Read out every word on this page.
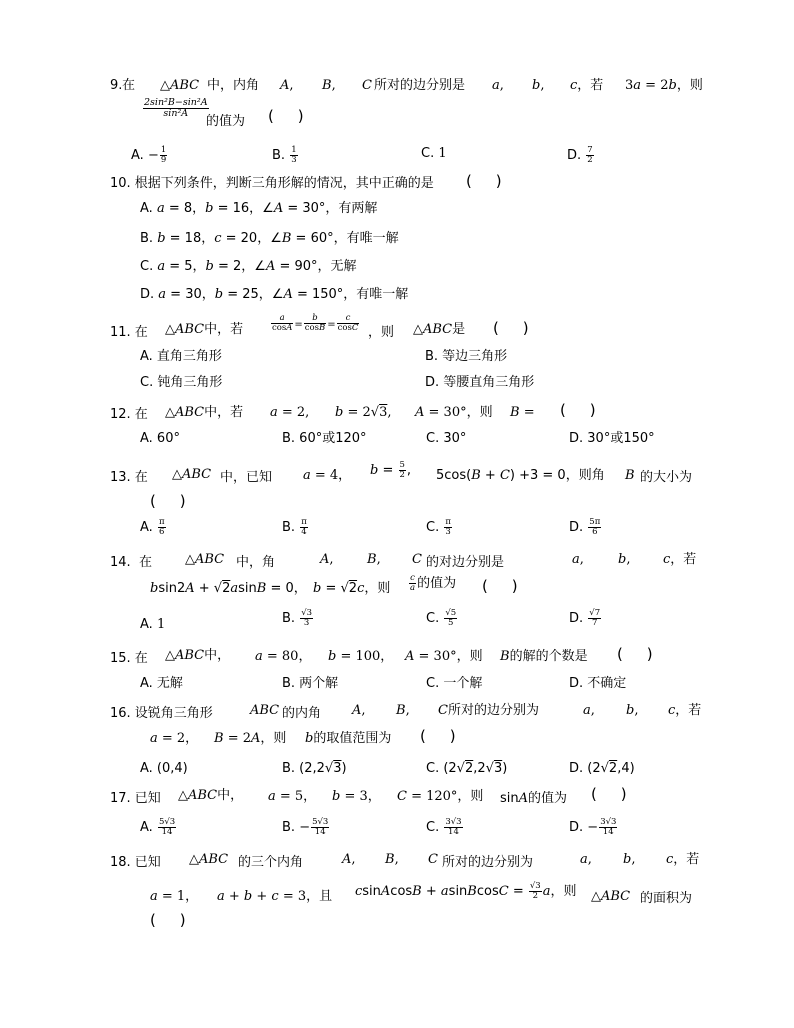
9. 在 △ABC 中，内角 A, B, C 所对的边分别是 a, b, c，若 3a = 2b，则
$\frac{\text{2sin²B−sin²A}}{\text{sin²A}}$
的值为 (     )
A. − $\frac{1}{9}$	B. $\frac{1}{3}$	C. 1	D. $\frac{7}{2}$
10. 根据下列条件，判断三角形解的情况，其中正确的是 (     )
A. a = 8，b = 16，∠A = 30°，有两解
B. b = 18，c = 20，∠B = 60°，有唯一解
C. a = 5，b = 2，∠A = 90°，无解
D. a = 30，b = 25，∠A = 150°，有唯一解
11. 在 △ABC中，若	$\frac{a}{\cos A} = \frac{b}{\cos B} = \frac{c}{\cos C}$ ，则 △ABC是 (     )
A. 直角三角形	B. 等边三角形
C. 钝角三角形	D. 等腰直角三角形
12. 在 △ABC中，若 a = 2, b = 2√3, A = 30°，则 B = (     )
A. 60°	B. 60°或120°	C. 30°	D. 30°或150°
13. 在 △ABC 中，已知 a = 4， $b = \frac{5}{2}$ , 5cos(B + C) +3 = 0，则角 B 的大小为
(     )
A. $\frac{\pi}{6}$	B. $\frac{\pi}{4}$	C. $\frac{\pi}{3}$	D. $\frac{5\pi}{6}$
14.  在	△ABC 中，角	A,	B, C 的对边分别是	a,	b,	c，若
bsin2A + √2asinB = 0， b = √2c，则 $\frac{c}{a}$ 的值为 (     )
A. 1	B. $\frac{√3}{3}$	C. $\frac{√5}{5}$	D. $\frac{√7}{7}$
15. 在 △ABC中， a = 80， b = 100， A = 30°，则 B的解的个数是 (     )
A. 无解	B. 两个解	C. 一个解	D. 不确定
16. 设锐角三角形	ABC 的内角 A, B, C所对的边分别为	a, b, c，若
a = 2， B = 2A，则 b的取值范围为 (     )
A. (0,4)	B. (2,2√3)	C. (2√2,2√3)	D. (2√2,4)
17. 已知 △ABC中， a = 5， b = 3， C = 120°，则 sinA的值为 (     )
A. $\frac{5√3}{14}$	B. − $\frac{5√3}{14}$	C. $\frac{3√3}{14}$	D. − $\frac{3√3}{14}$
18. 已知 △ABC 的三个内角	A, B, C 所对的边分别为	a, b, c，若
a = 1， a + b + c = 3，且 csinAcosB + asinBcosC = $\frac{√3}{2}$ a，则 △ABC 的面积为
(     )
